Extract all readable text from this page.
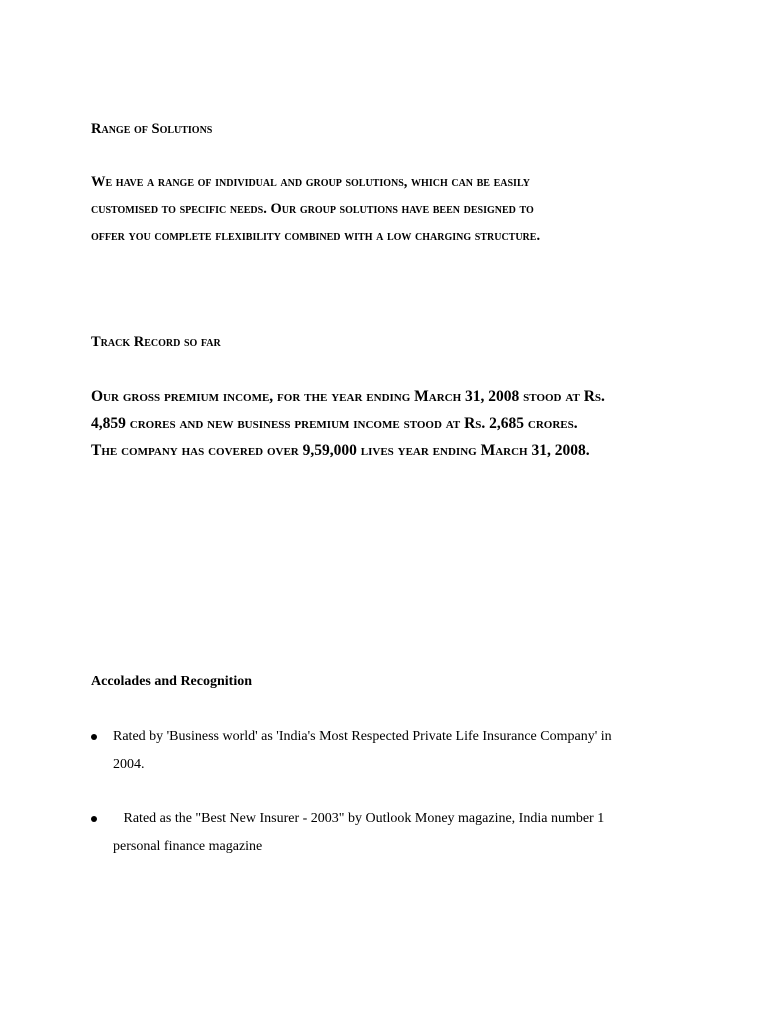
Range of Solutions
We have a range of individual and group solutions, which can be easily
customised to specific needs. Our group solutions have been designed to
offer you complete flexibility combined with a low charging structure.
Track Record so far
Our gross premium income, for the year ending March 31, 2008 stood at Rs.
4,859 crores and new business premium income stood at Rs. 2,685 crores.
The company has covered over 9,59,000 lives year ending March 31, 2008.
Accolades and Recognition
Rated by 'Business world' as 'India's Most Respected Private Life Insurance Company' in
2004.
Rated as the "Best New Insurer - 2003" by Outlook Money magazine, India number 1
personal finance magazine
